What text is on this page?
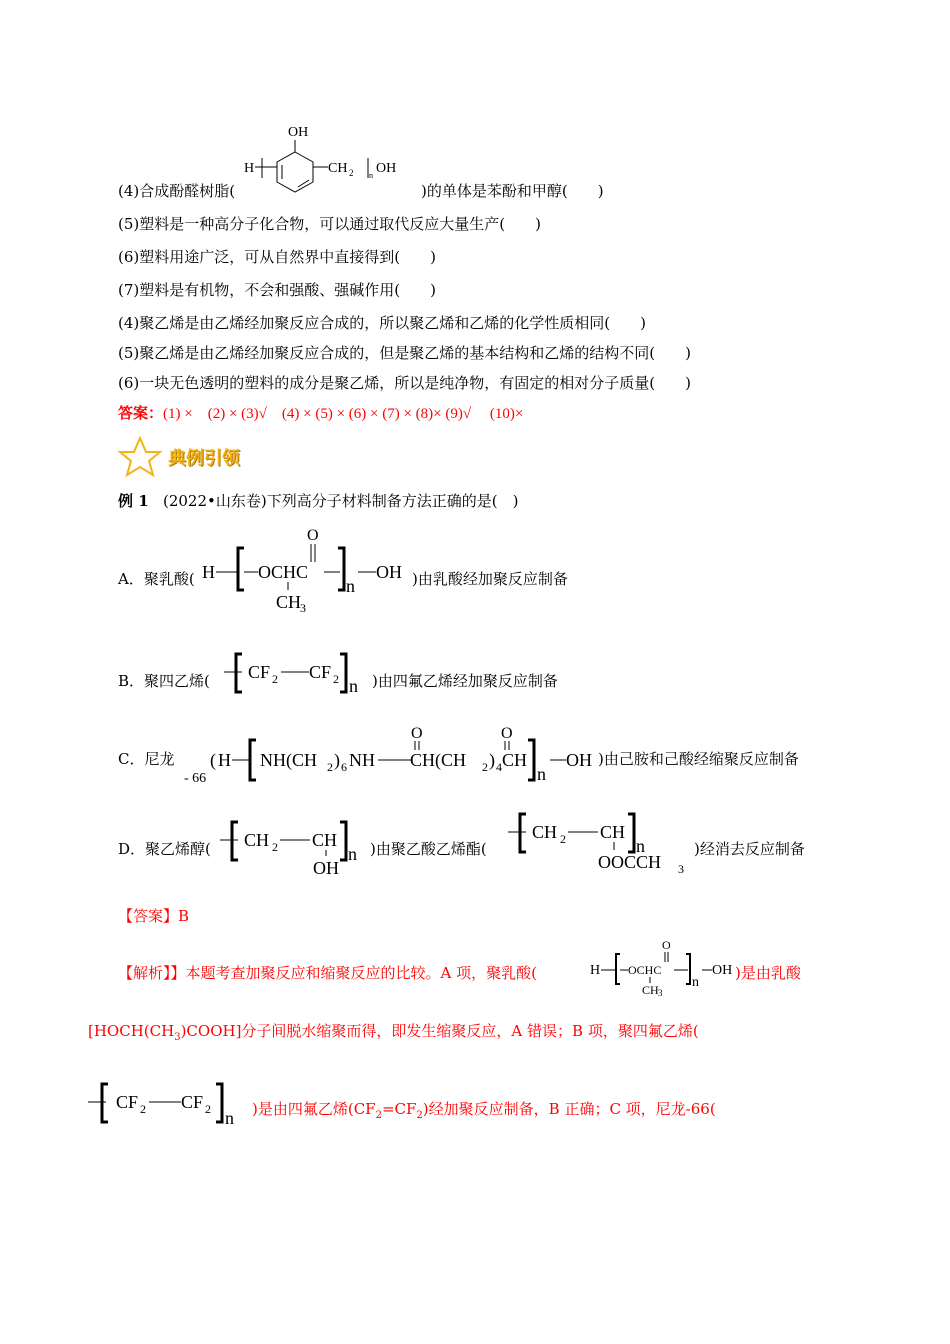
(4)合成酚醛树脂(
OH
H	CH 2 n OH
)的单体是苯酚和甲醇(　　)
(5)塑料是一种高分子化合物，可以通过取代反应大量生产(　　)
(6)塑料用途广泛，可从自然界中直接得到(　　)
(7)塑料是有机物，不会和强酸、强碱作用(　　)
(4)聚乙烯是由乙烯经加聚反应合成的，所以聚乙烯和乙烯的化学性质相同(　　)
(5)聚乙烯是由乙烯经加聚反应合成的，但是聚乙烯的基本结构和乙烯的结构不同(　　)
(6)一块无色透明的塑料的成分是聚乙烯，所以是纯净物，有固定的相对分子质量(　　)
答案：(1) ×　(2) × (3)√　(4) × (5) × (6) × (7) × (8)× (9)√　 (10)×
典例引领
例 1 (2022•山东卷)下列高分子材料制备方法正确的是(　)
A．聚乳酸( H OCHC
O
CH
3
n
OH )由乳酸经加聚反应制备
B．聚四乙烯( CF 2 CF 2 n )由四氟乙烯经加聚反应制备
C．尼龙
- 66
( H NH(CH 2 ) 6 NH
O
CH(CH 2 ) 4
O
CH
n
OH )由己胺和己酸经缩聚反应制备
D．聚乙烯醇( CH 2 CH
OH
n )由聚乙酸乙烯酯(
CH 2 CH
OOCCH 3
n	)经消去反应制备
【答案】B
【解析】】本题考查加聚反应和缩聚反应的比较。A 项，聚乳酸(	H OCHC
O
CH 3
n
OH )是由乳酸
$[HOCH(CH_3)COOH]$分子间脱水缩聚而得，即发生缩聚反应，A 错误；B 项，聚四氟乙烯(
CF 2 CF 2 n )是由四氟乙烯$(CF_2=CF_2)$经加聚反应制备，B 正确；C 项，尼龙-66(
